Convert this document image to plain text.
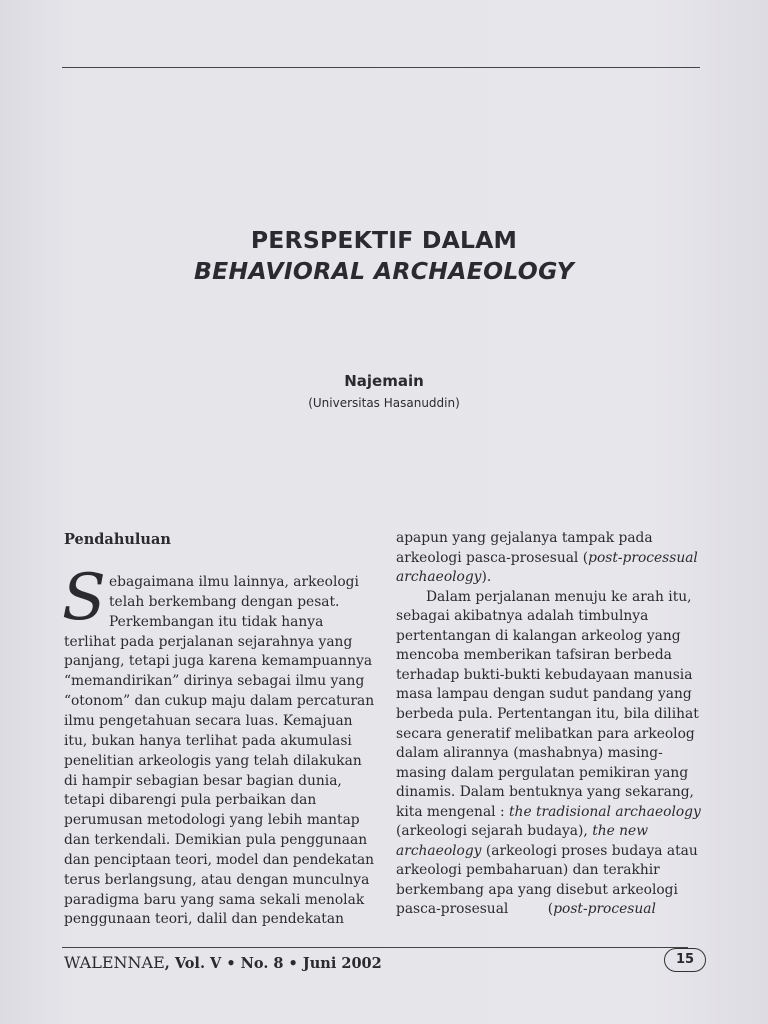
PERSPEKTIF DALAM
BEHAVIORAL ARCHAEOLOGY
Najemain
(Universitas Hasanuddin)
Pendahuluan
S ebagaimana ilmu lainnya, arkeologi
telah berkembang dengan pesat.
Perkembangan itu tidak hanya
terlihat pada perjalanan sejarahnya yang
panjang, tetapi juga karena kemampuannya
“memandirikan” dirinya sebagai ilmu yang
“otonom” dan cukup maju dalam percaturan
ilmu pengetahuan secara luas. Kemajuan
itu, bukan hanya terlihat pada akumulasi
penelitian arkeologis yang telah dilakukan
di hampir sebagian besar bagian dunia,
tetapi dibarengi pula perbaikan dan
perumusan metodologi yang lebih mantap
dan terkendali. Demikian pula penggunaan
dan penciptaan teori, model dan pendekatan
terus berlangsung, atau dengan munculnya
paradigma baru yang sama sekali menolak
penggunaan teori, dalil dan pendekatan
apapun yang gejalanya tampak pada
arkeologi pasca-prosesual (post-processual
archaeology).
Dalam perjalanan menuju ke arah itu,
sebagai akibatnya adalah timbulnya
pertentangan di kalangan arkeolog yang
mencoba memberikan tafsiran berbeda
terhadap bukti-bukti kebudayaan manusia
masa lampau dengan sudut pandang yang
berbeda pula. Pertentangan itu, bila dilihat
secara generatif melibatkan para arkeolog
dalam alirannya (mashabnya) masing-
masing dalam pergulatan pemikiran yang
dinamis. Dalam bentuknya yang sekarang,
kita mengenal : the tradisional archaeology
(arkeologi sejarah budaya), the new
archaeology (arkeologi proses budaya atau
arkeologi pembaharuan) dan terakhir
berkembang apa yang disebut arkeologi
pasca-prosesual         (post-procesual
WALENNAE, Vol. V • No. 8 • Juni 2002	15
